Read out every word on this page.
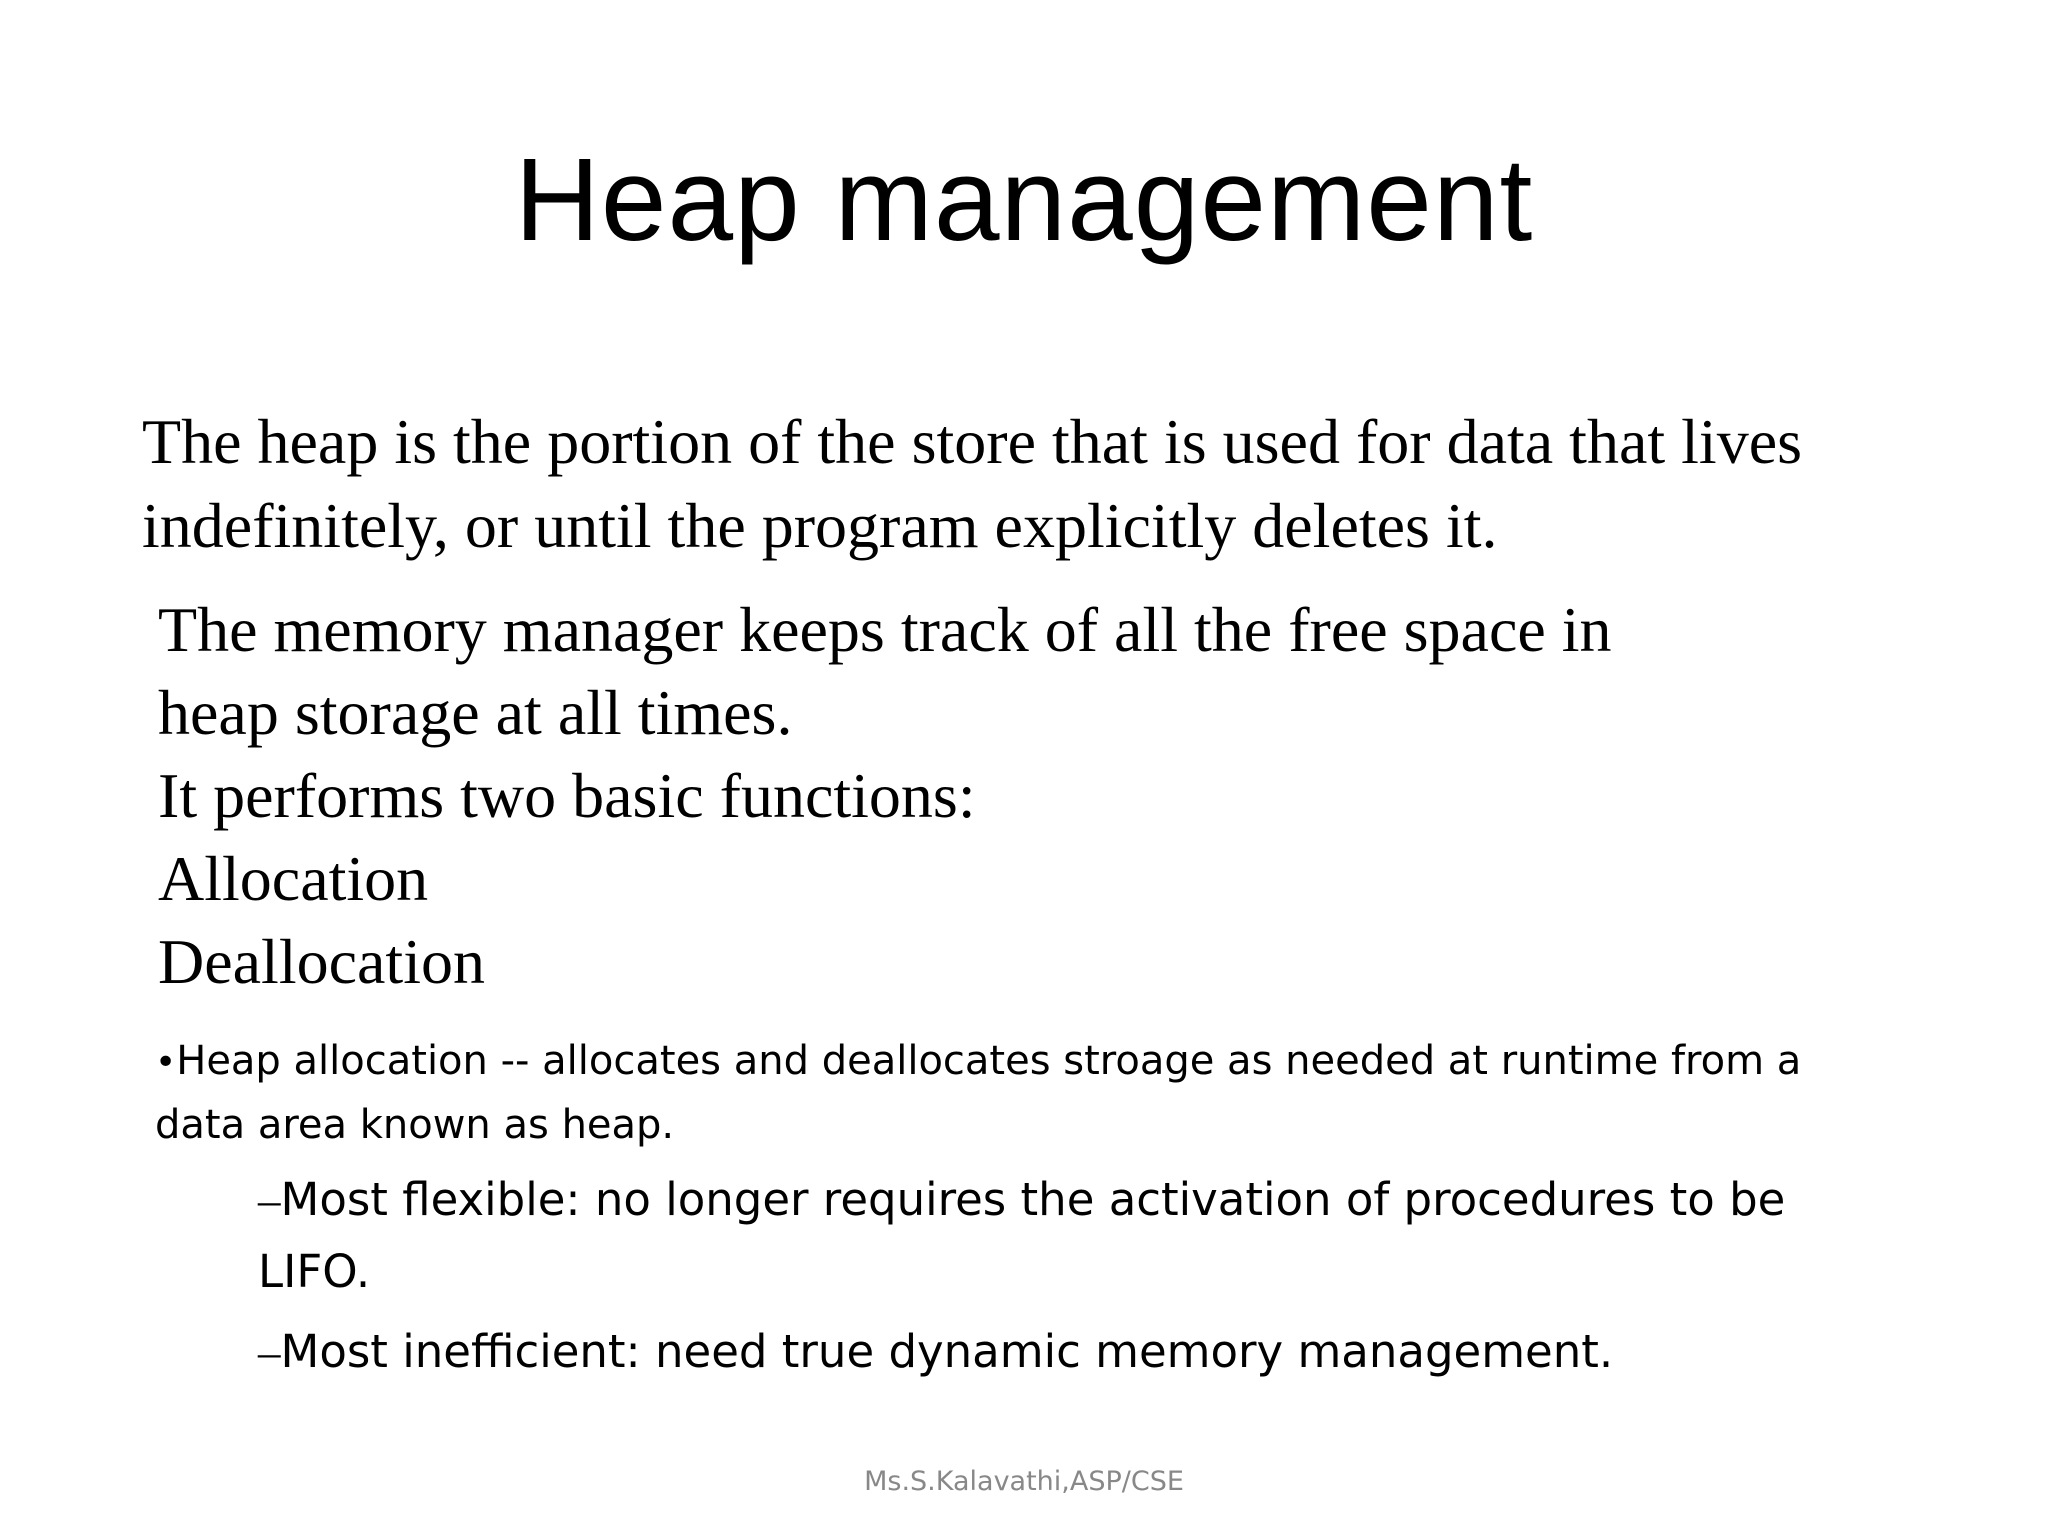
Heap management
The heap is the portion of the store that is used for data that lives indefinitely, or until the program explicitly deletes it.
The memory manager keeps track of all the free space in
heap storage at all times.
It performs two basic functions:
Allocation
Deallocation
•Heap allocation -- allocates and deallocates stroage as needed at runtime from a data area known as heap.
–Most flexible: no longer requires the activation of procedures to be LIFO.
–Most inefficient: need true dynamic memory management.
Ms.S.Kalavathi,ASP/CSE
